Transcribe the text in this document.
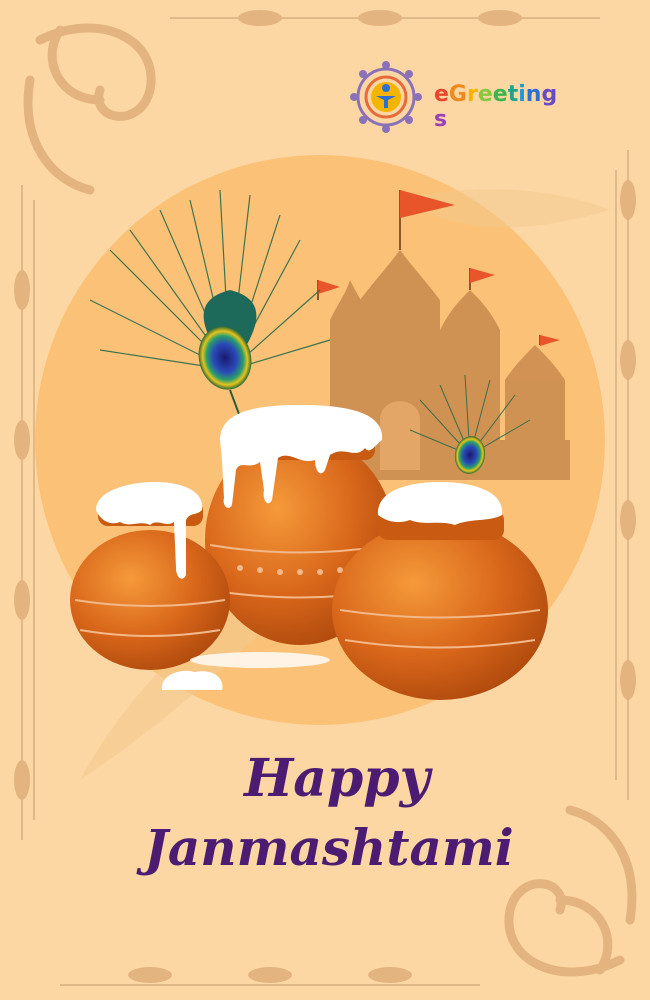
eGreetings
Happy
Janmashtami
